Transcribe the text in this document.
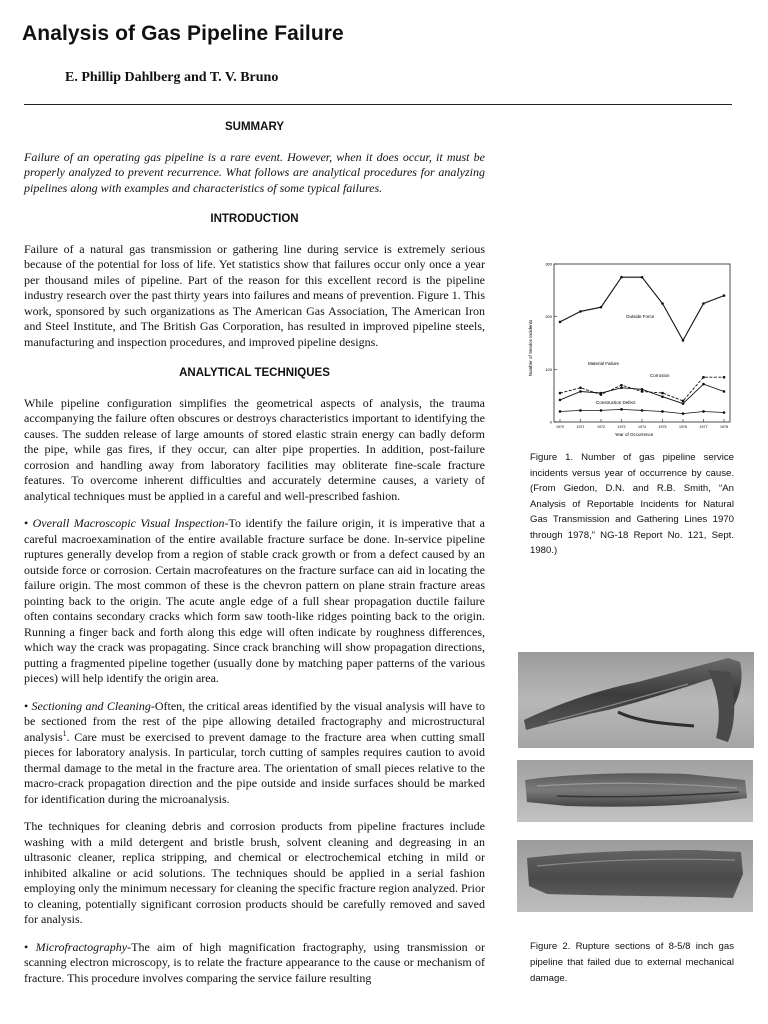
Analysis of Gas Pipeline Failure

E. Phillip Dahlberg and T. V. Bruno

SUMMARY

Failure of an operating gas pipeline is a rare event. However, when it does occur, it must be properly analyzed to prevent recurrence. What follows are analytical procedures for analyzing pipelines along with examples and characteristics of some typical failures.

INTRODUCTION

Failure of a natural gas transmission or gathering line during service is extremely serious because of the potential for loss of life. Yet statistics show that failures occur only once a year per thousand miles of pipeline. Part of the reason for this excellent record is the pipeline industry research over the past thirty years into failures and means of prevention. Figure 1. This work, sponsored by such organizations as The American Gas Association, The American Iron and Steel Institute, and The British Gas Corporation, has resulted in improved pipeline steels, manufacturing and inspection procedures, and improved pipeline designs.

ANALYTICAL TECHNIQUES

While pipeline configuration simplifies the geometrical aspects of analysis, the trauma accompanying the failure often obscures or destroys characteristics important to identifying the causes. The sudden release of large amounts of stored elastic strain energy can badly deform the pipe, while gas fires, if they occur, can alter pipe properties. In addition, post-failure corrosion and handling away from laboratory facilities may obliterate fine-scale fracture features. To overcome inherent difficulties and accurately determine causes, a variety of analytical techniques must be applied in a careful and well-prescribed fashion.

• Overall Macroscopic Visual Inspection-To identify the failure origin, it is imperative that a careful macroexamination of the entire available fracture surface be done. In-service pipeline ruptures generally develop from a region of stable crack growth or from a defect caused by an outside force or corrosion. Certain macrofeatures on the fracture surface can aid in locating the failure origin. The most common of these is the chevron pattern on plane strain fracture areas pointing back to the origin. The acute angle edge of a full shear propagation ductile failure often contains secondary cracks which form saw tooth-like ridges pointing back to the origin. Running a finger back and forth along this edge will often indicate by roughness differences, which way the crack was propagating. Since crack branching will show propagation directions, putting a fragmented pipeline together (usually done by matching paper patterns of the various pieces) will help identify the origin area.

• Sectioning and Cleaning-Often, the critical areas identified by the visual analysis will have to be sectioned from the rest of the pipe allowing detailed fractography and microstructural analysis$^1$. Care must be exercised to prevent damage to the fracture area when cutting small pieces for laboratory analysis. In particular, torch cutting of samples requires caution to avoid thermal damage to the metal in the fracture area. The orientation of small pieces relative to the macro-crack propagation direction and the pipe outside and inside surfaces should be marked for identification during the microanalysis.

The techniques for cleaning debris and corrosion products from pipeline fractures include washing with a mild detergent and bristle brush, solvent cleaning and degreasing in an ultrasonic cleaner, replica stripping, and chemical or electrochemical etching in mild or inhibited alkaline or acid solutions. The techniques should be applied in a serial fashion employing only the minimum necessary for cleaning the specific fracture region analyzed. Prior to cleaning, potentially significant corrosion products should be carefully removed and saved for analysis.

• Microfractography-The aim of high magnification fractography, using transmission or scanning electron microscopy, is to relate the fracture appearance to the cause or mechanism of fracture. This procedure involves comparing the service failure resulting

0
100
200
300
1970	1971	1972	1973	1974	1975	1976	1977	1978
Outside Force
Material Failure
Corrosion
Construction Defect
Year of Occurrence
Number of Service Incidents

Figure 1. Number of gas pipeline service incidents versus year of occurrence by cause. (From Giedon, D.N. and R.B. Smith, “An Analysis of Reportable Incidents for Natural Gas Transmission and Gathering Lines 1970 through 1978,” NG-18 Report No. 121, Sept. 1980.)

Figure 2. Rupture sections of 8-5/8 inch gas pipeline that failed due to external mechanical damage.
